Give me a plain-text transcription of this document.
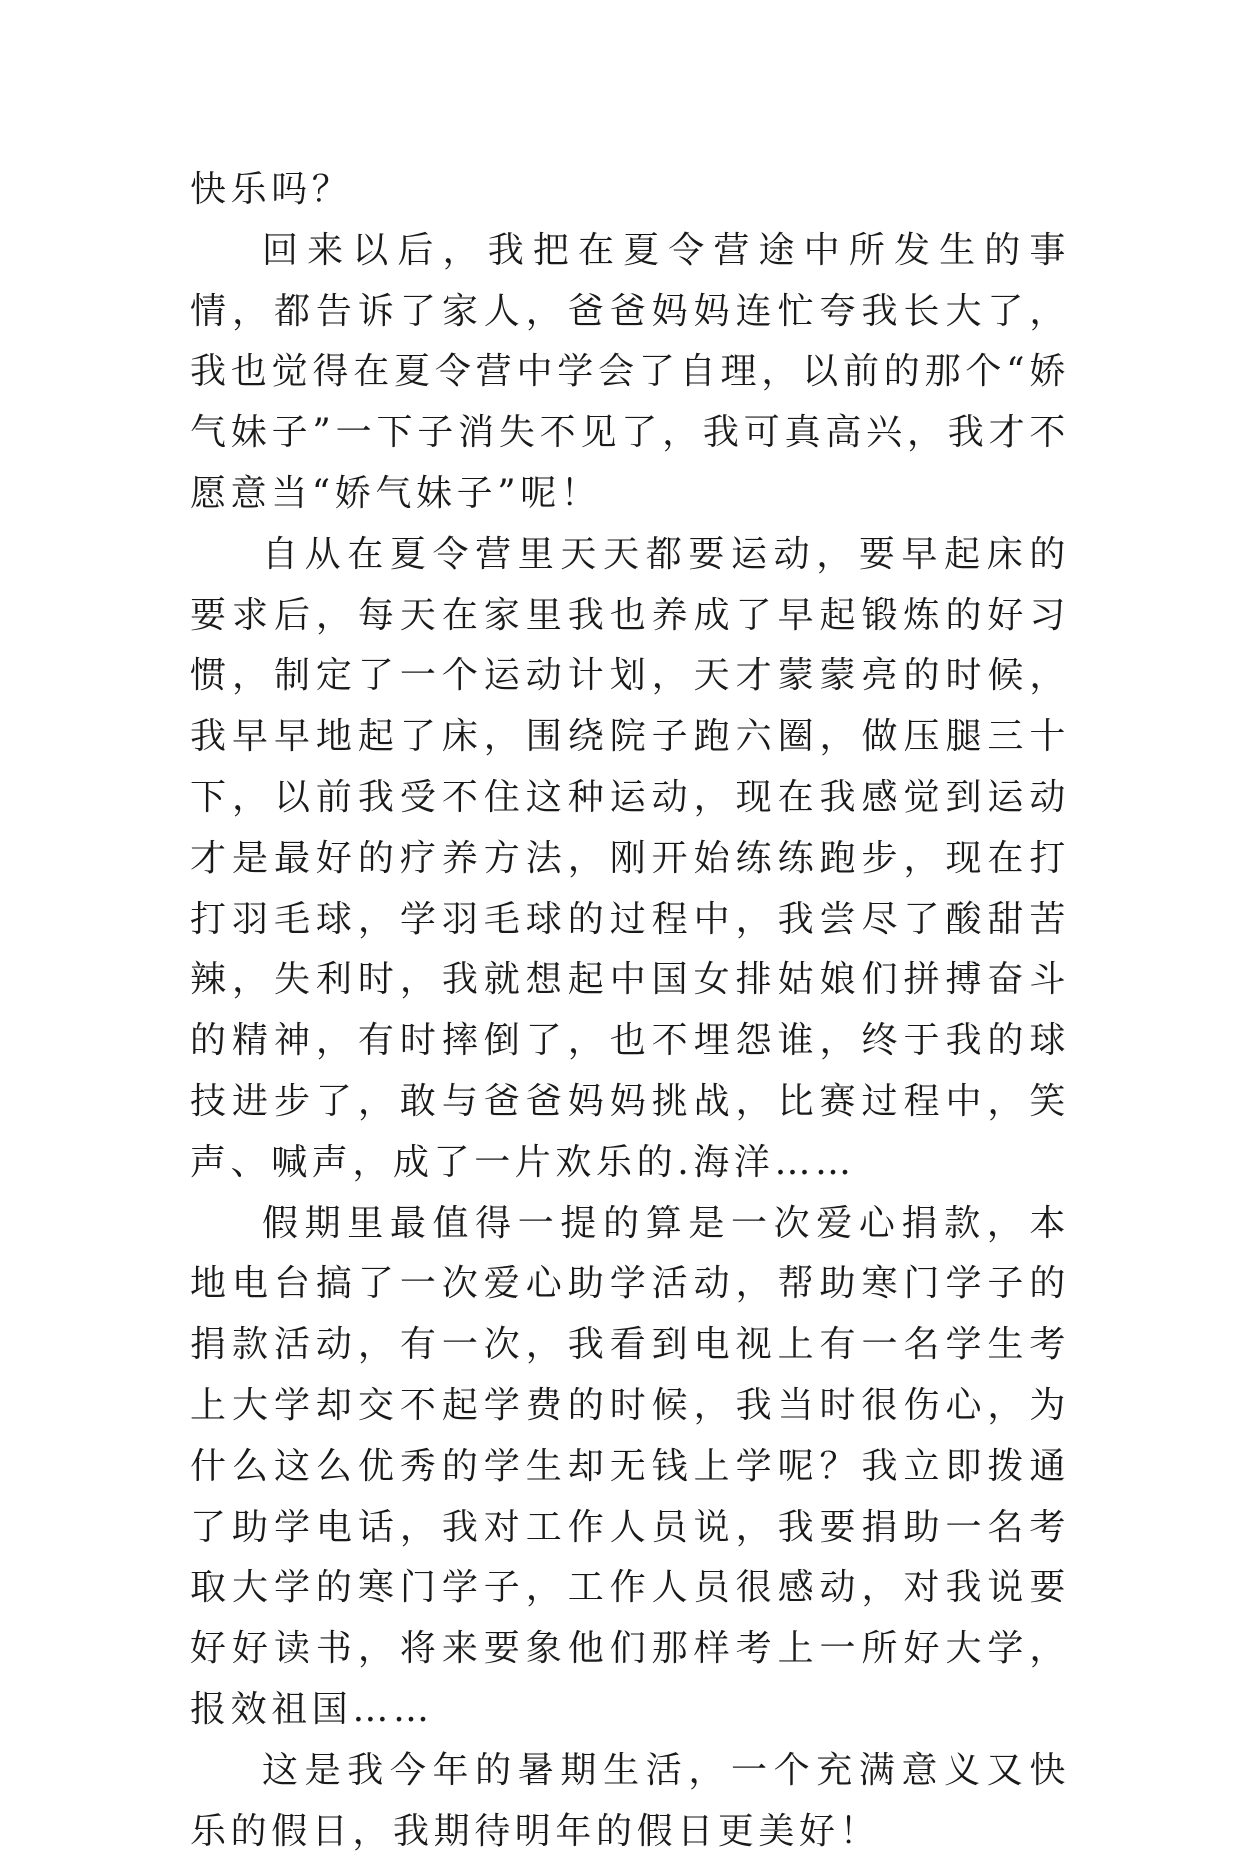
快乐吗？

回来以后，我把在夏令营途中所发生的事情，都告诉了家人，爸爸妈妈连忙夸我长大了，我也觉得在夏令营中学会了自理，以前的那个“娇气妹子”一下子消失不见了，我可真高兴，我才不愿意当“娇气妹子”呢！

自从在夏令营里天天都要运动，要早起床的要求后，每天在家里我也养成了早起锻炼的好习惯，制定了一个运动计划，天才蒙蒙亮的时候，我早早地起了床，围绕院子跑六圈，做压腿三十下，以前我受不住这种运动，现在我感觉到运动才是最好的疗养方法，刚开始练练跑步，现在打打羽毛球，学羽毛球的过程中，我尝尽了酸甜苦辣，失利时，我就想起中国女排姑娘们拼搏奋斗的精神，有时摔倒了，也不埋怨谁，终于我的球技进步了，敢与爸爸妈妈挑战，比赛过程中，笑声、喊声，成了一片欢乐的.海洋……

假期里最值得一提的算是一次爱心捐款，本地电台搞了一次爱心助学活动，帮助寒门学子的捐款活动，有一次，我看到电视上有一名学生考上大学却交不起学费的时候，我当时很伤心，为什么这么优秀的学生却无钱上学呢？我立即拨通了助学电话，我对工作人员说，我要捐助一名考取大学的寒门学子，工作人员很感动，对我说要好好读书，将来要象他们那样考上一所好大学，报效祖国……

这是我今年的暑期生活，一个充满意义又快乐的假日，我期待明年的假日更美好！
